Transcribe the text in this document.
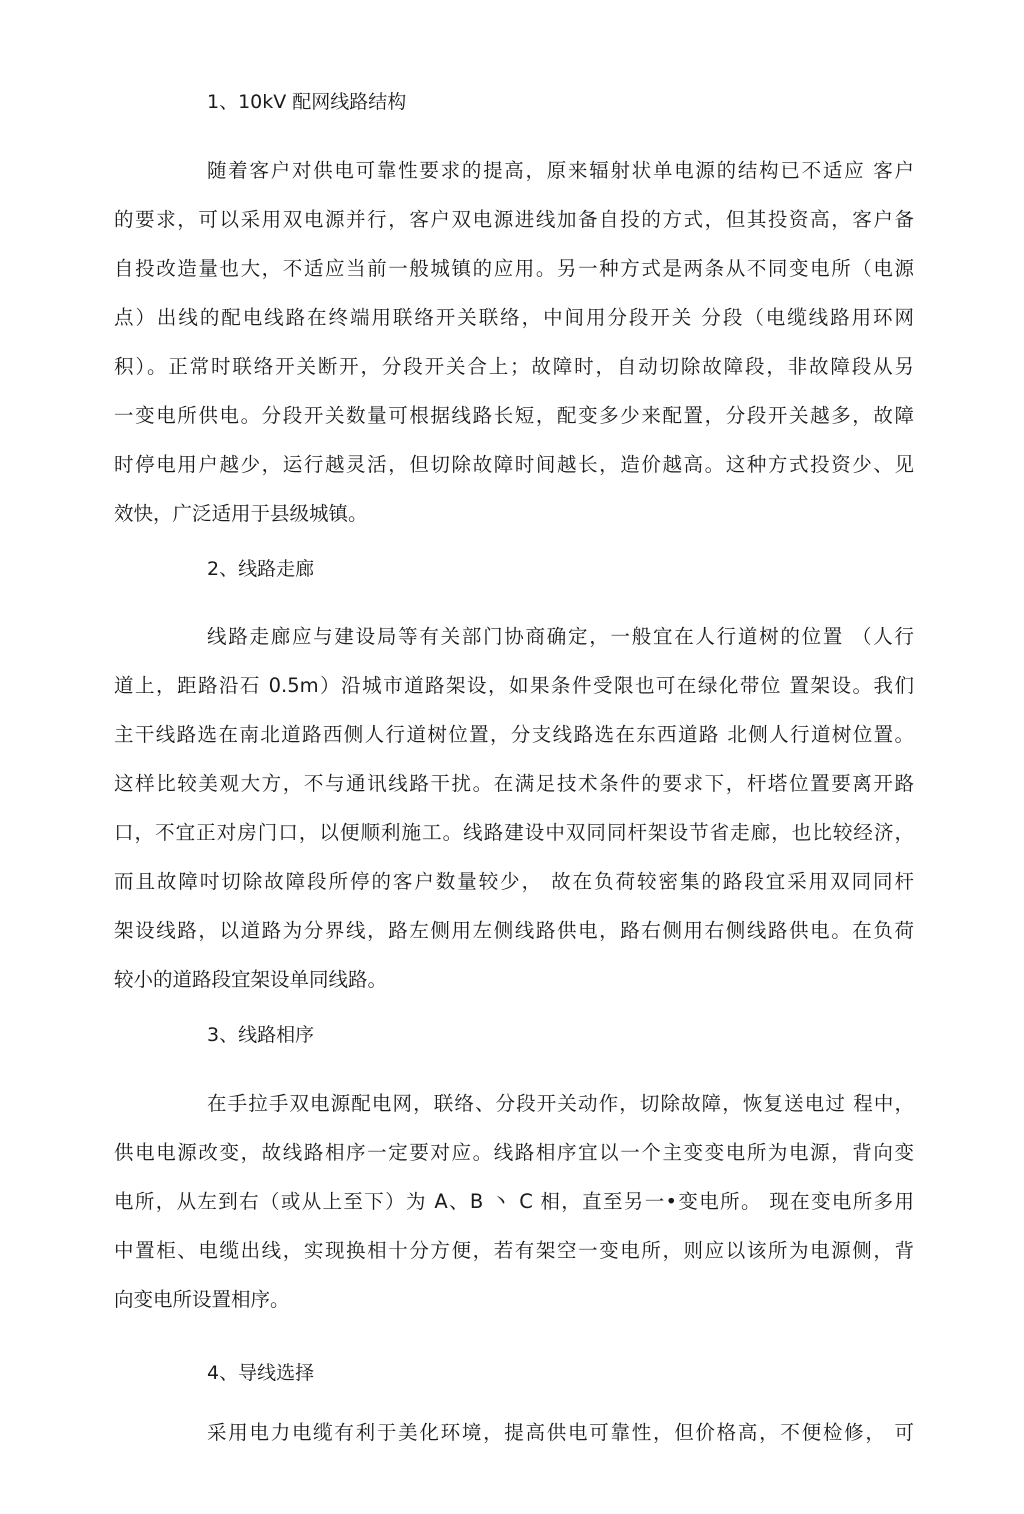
1、10kV 配网线路结构
随着客户对供电可靠性要求的提高，原来辐射状单电源的结构已不适应 客户
的要求，可以采用双电源并行，客户双电源进线加备自投的方式，但其投资高，客户备
自投改造量也大，不适应当前一般城镇的应用。另一种方式是两条从不同变电所（电源
点）出线的配电线路在终端用联络开关联络，中间用分段开关 分段（电缆线路用环网
积）。正常时联络开关断开，分段开关合上；故障时，自动切除故障段，非故障段从另
一变电所供电。分段开关数量可根据线路长短，配变多少来配置，分段开关越多，故障
时停电用户越少，运行越灵活，但切除故障时间越长，造价越高。这种方式投资少、见
效快，广泛适用于县级城镇。
2、线路走廊
线路走廊应与建设局等有关部门协商确定，一般宜在人行道树的位置 （人行
道上，距路沿石 0.5m）沿城市道路架设，如果条件受限也可在绿化带位 置架设。我们
主干线路选在南北道路西侧人行道树位置，分支线路选在东西道路 北侧人行道树位置。
这样比较美观大方，不与通讯线路干扰。在满足技术条件的要求下，杆塔位置要离开路
口，不宜正对房门口，以便顺利施工。线路建设中双同同杆架设节省走廊，也比较经济，
而且故障吋切除故障段所停的客户数量较少， 故在负荷较密集的路段宜采用双同同杆
架设线路，以道路为分界线，路左侧用左侧线路供电，路右侧用右侧线路供电。在负荷
较小的道路段宜架设单同线路。
3、线路相序
在手拉手双电源配电网，联络、分段开关动作，切除故障，恢复送电过 程中，
供电电源改变，故线路相序一定要对应。线路相序宜以一个主变变电所为电源，背向变
电所，从左到右（或从上至下）为 A、B 丶 C 相，直至另一•变电所。 现在变电所多用
中置柜、电缆出线，实现换相十分方便，若有架空一变电所，则应以该所为电源侧，背
向变电所设置相序。
4、导线选择
采用电力电缆有利于美化环境，提高供电可靠性，但价格高，不便检修， 可
